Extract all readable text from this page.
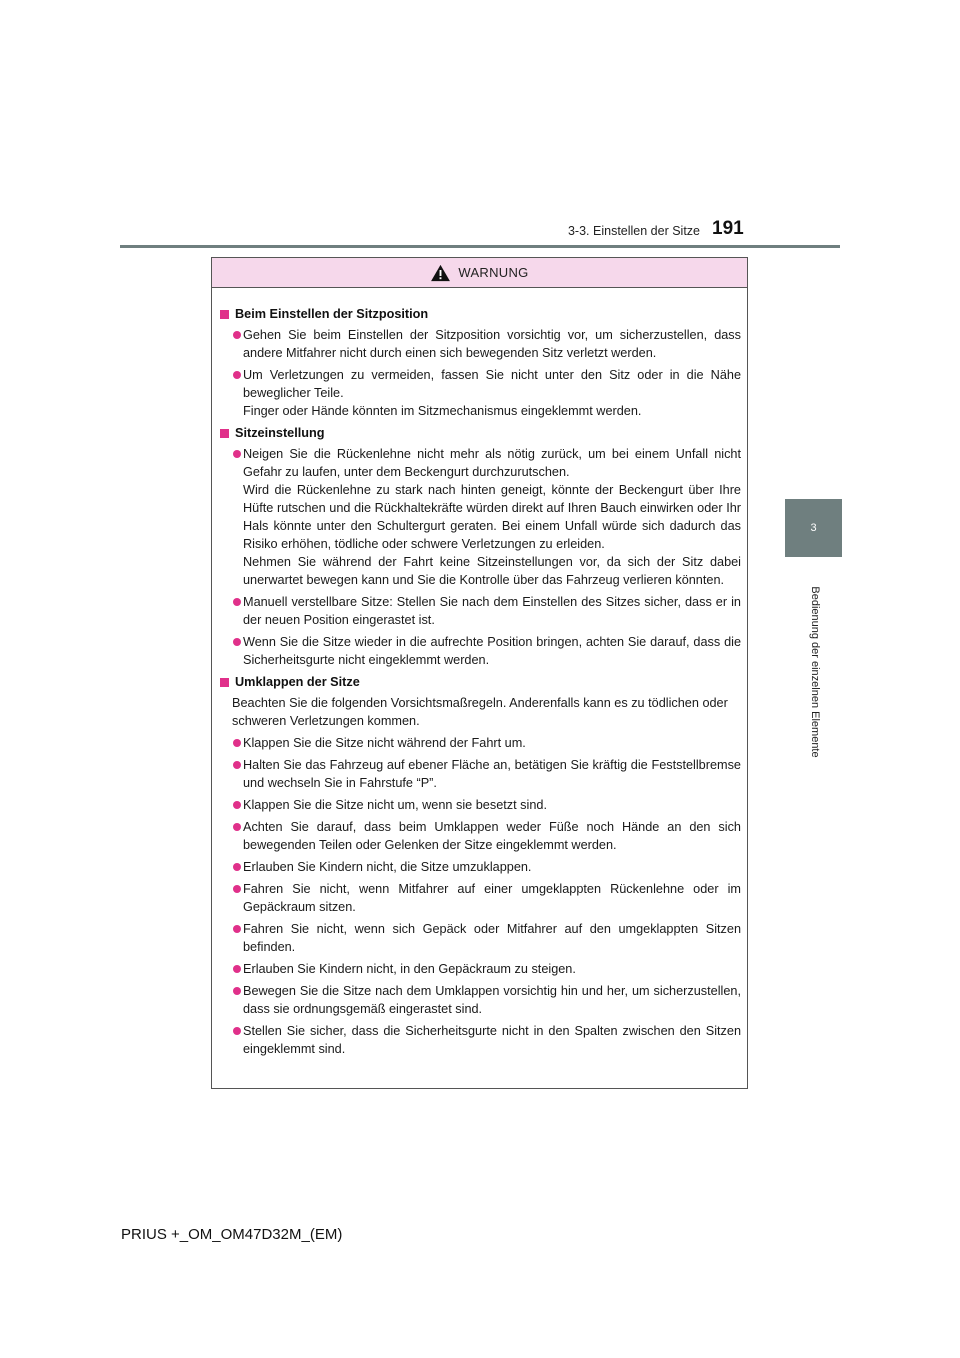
3-3. Einstellen der Sitze 191
3
Bedienung der einzelnen Elemente
WARNUNG
Beim Einstellen der Sitzposition
Gehen Sie beim Einstellen der Sitzposition vorsichtig vor, um sicherzustellen, dass andere Mitfahrer nicht durch einen sich bewegenden Sitz verletzt werden.
Um Verletzungen zu vermeiden, fassen Sie nicht unter den Sitz oder in die Nähe beweglicher Teile.
Finger oder Hände könnten im Sitzmechanismus eingeklemmt werden.
Sitzeinstellung
Neigen Sie die Rückenlehne nicht mehr als nötig zurück, um bei einem Unfall nicht Gefahr zu laufen, unter dem Beckengurt durchzurutschen.
Wird die Rückenlehne zu stark nach hinten geneigt, könnte der Beckengurt über Ihre Hüfte rutschen und die Rückhaltekräfte würden direkt auf Ihren Bauch einwirken oder Ihr Hals könnte unter den Schultergurt geraten. Bei einem Unfall würde sich dadurch das Risiko erhöhen, tödliche oder schwere Verletzungen zu erleiden.
Nehmen Sie während der Fahrt keine Sitzeinstellungen vor, da sich der Sitz dabei unerwartet bewegen kann und Sie die Kontrolle über das Fahrzeug verlieren könnten.
Manuell verstellbare Sitze: Stellen Sie nach dem Einstellen des Sitzes sicher, dass er in der neuen Position eingerastet ist.
Wenn Sie die Sitze wieder in die aufrechte Position bringen, achten Sie darauf, dass die Sicherheitsgurte nicht eingeklemmt werden.
Umklappen der Sitze
Beachten Sie die folgenden Vorsichtsmaßregeln. Anderenfalls kann es zu tödlichen oder schweren Verletzungen kommen.
Klappen Sie die Sitze nicht während der Fahrt um.
Halten Sie das Fahrzeug auf ebener Fläche an, betätigen Sie kräftig die Feststellbremse und wechseln Sie in Fahrstufe “P”.
Klappen Sie die Sitze nicht um, wenn sie besetzt sind.
Achten Sie darauf, dass beim Umklappen weder Füße noch Hände an den sich bewegenden Teilen oder Gelenken der Sitze eingeklemmt werden.
Erlauben Sie Kindern nicht, die Sitze umzuklappen.
Fahren Sie nicht, wenn Mitfahrer auf einer umgeklappten Rückenlehne oder im Gepäckraum sitzen.
Fahren Sie nicht, wenn sich Gepäck oder Mitfahrer auf den umgeklappten Sitzen befinden.
Erlauben Sie Kindern nicht, in den Gepäckraum zu steigen.
Bewegen Sie die Sitze nach dem Umklappen vorsichtig hin und her, um sicherzustellen, dass sie ordnungsgemäß eingerastet sind.
Stellen Sie sicher, dass die Sicherheitsgurte nicht in den Spalten zwischen den Sitzen eingeklemmt sind.
PRIUS +_OM_OM47D32M_(EM)
